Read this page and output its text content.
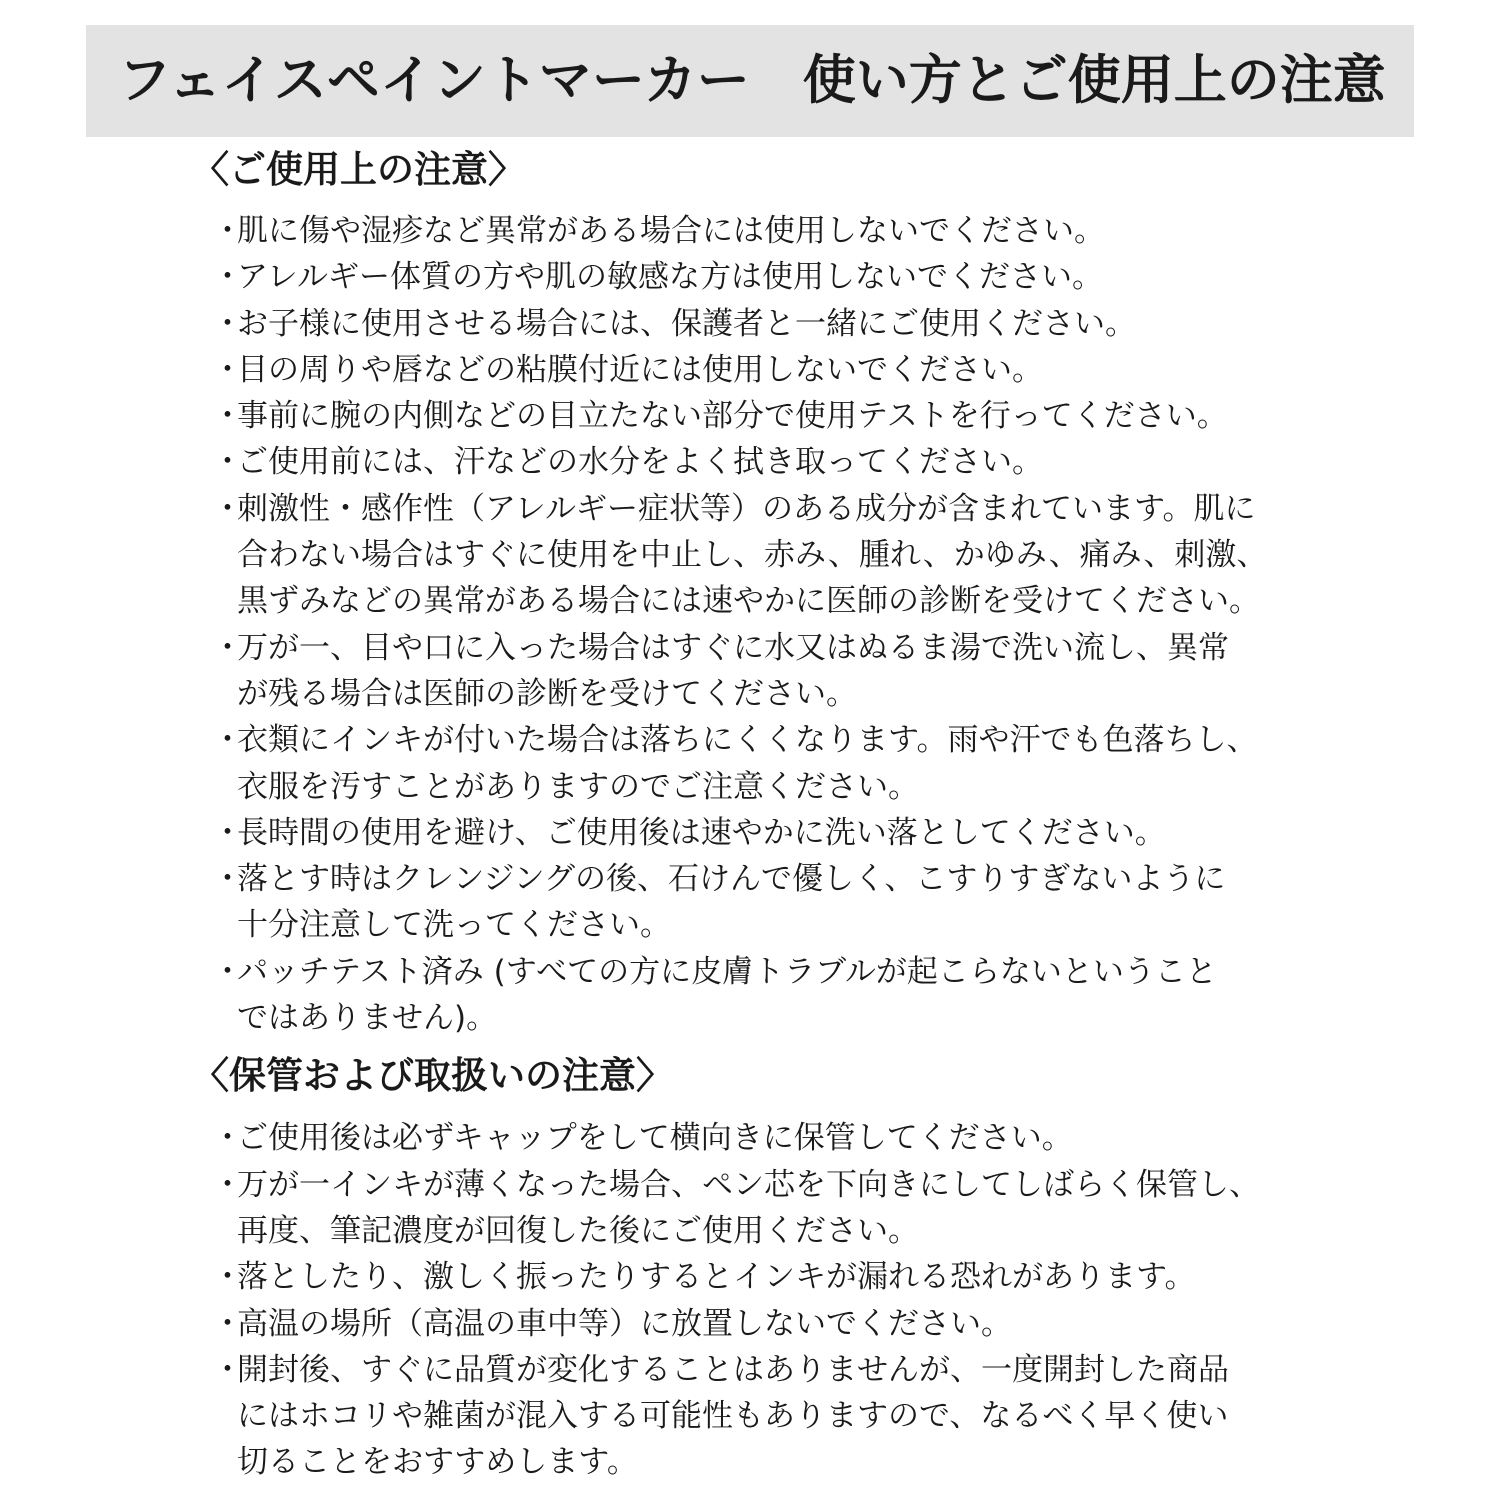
フェイスペイントマーカー　使い方とご使用上の注意
〈ご使用上の注意〉
・
肌に傷や湿疹など異常がある場合には使用しないでください。
・
アレルギー体質の方や肌の敏感な方は使用しないでください。
・
お子様に使用させる場合には、保護者と一緒にご使用ください。
・
目の周りや唇などの粘膜付近には使用しないでください。
・
事前に腕の内側などの目立たない部分で使用テストを行ってください。
・
ご使用前には、汗などの水分をよく拭き取ってください。
・
刺激性・感作性（アレルギー症状等）のある成分が含まれています。肌に
合わない場合はすぐに使用を中止し、赤み、腫れ、かゆみ、痛み、刺激、
黒ずみなどの異常がある場合には速やかに医師の診断を受けてください。
・
万が一、目や口に入った場合はすぐに水又はぬるま湯で洗い流し、異常
が残る場合は医師の診断を受けてください。
・
衣類にインキが付いた場合は落ちにくくなります。雨や汗でも色落ちし、
衣服を汚すことがありますのでご注意ください。
・
長時間の使用を避け、ご使用後は速やかに洗い落としてください。
・
落とす時はクレンジングの後、石けんで優しく、こすりすぎないように
十分注意して洗ってください。
・
パッチテスト済み (すべての方に皮膚トラブルが起こらないということ
ではありません)。
〈保管および取扱いの注意〉
・
ご使用後は必ずキャップをして横向きに保管してください。
・
万が一インキが薄くなった場合、ペン芯を下向きにしてしばらく保管し、
再度、筆記濃度が回復した後にご使用ください。
・
落としたり、激しく振ったりするとインキが漏れる恐れがあります。
・
高温の場所（高温の車中等）に放置しないでください。
・
開封後、すぐに品質が変化することはありませんが、一度開封した商品
にはホコリや雑菌が混入する可能性もありますので、なるべく早く使い
切ることをおすすめします。
